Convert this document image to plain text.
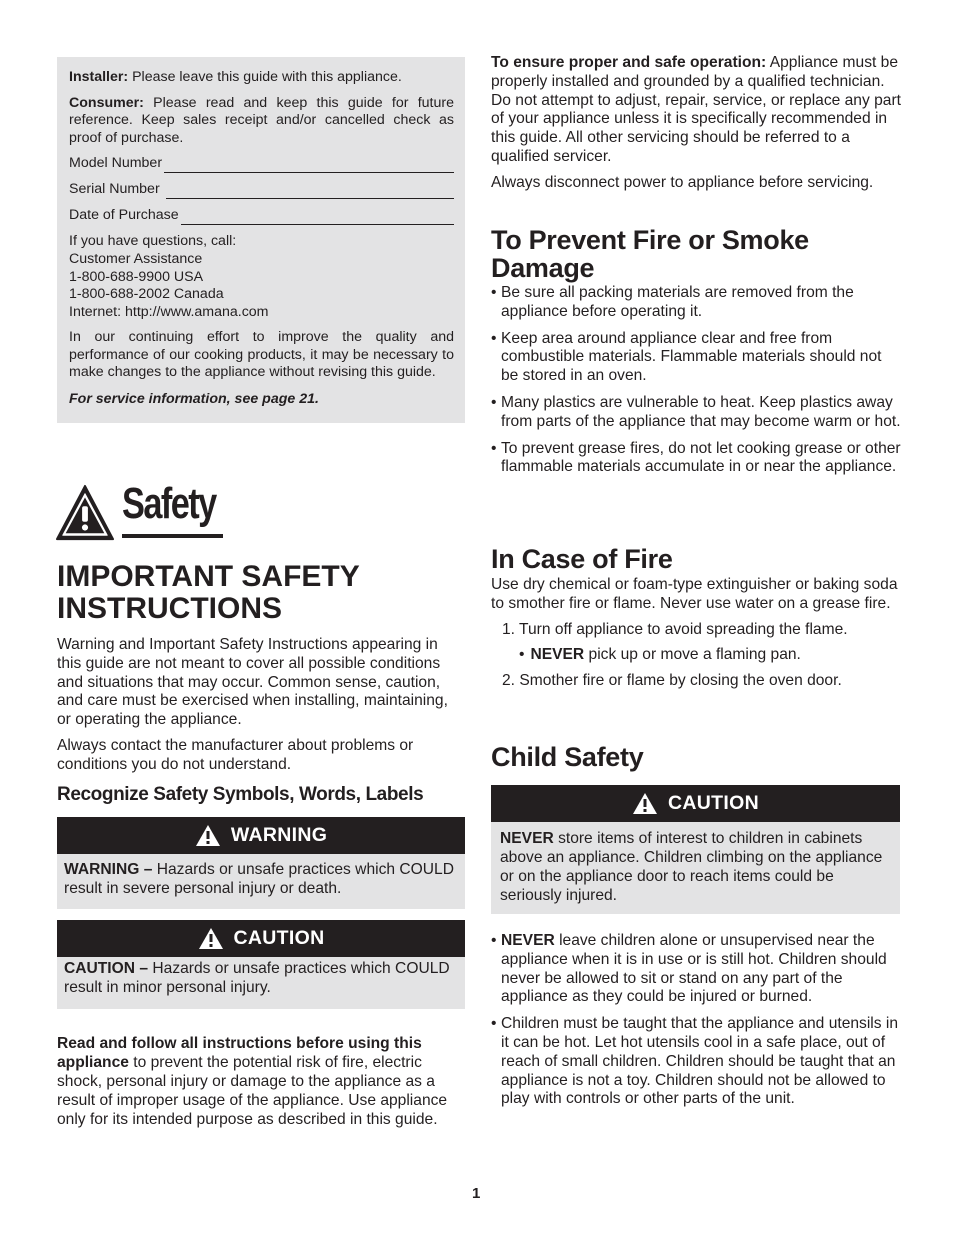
Installer: Please leave this guide with this appliance.

Consumer: Please read and keep this guide for future reference. Keep sales receipt and/or cancelled check as proof of purchase.

Model Number
Serial Number
Date of Purchase

If you have questions, call:
Customer Assistance
1-800-688-9900 USA
1-800-688-2002 Canada
Internet: http://www.amana.com

In our continuing effort to improve the quality and performance of our cooking products, it may be necessary to make changes to the appliance without revising this guide.

For service information, see page 21.

Safety
IMPORTANT SAFETY INSTRUCTIONS

Warning and Important Safety Instructions appearing in this guide are not meant to cover all possible conditions and situations that may occur. Common sense, caution, and care must be exercised when installing, maintaining, or operating the appliance.

Always contact the manufacturer about problems or conditions you do not understand.

Recognize Safety Symbols, Words, Labels
WARNING
WARNING – Hazards or unsafe practices which COULD result in severe personal injury or death.
CAUTION
CAUTION – Hazards or unsafe practices which COULD result in minor personal injury.
Read and follow all instructions before using this appliance to prevent the potential risk of fire, electric shock, personal injury or damage to the appliance as a result of improper usage of the appliance. Use appliance only for its intended purpose as described in this guide.

To ensure proper and safe operation: Appliance must be properly installed and grounded by a qualified technician. Do not attempt to adjust, repair, service, or replace any part of your appliance unless it is specifically recommended in this guide. All other servicing should be referred to a qualified servicer.

Always disconnect power to appliance before servicing.

To Prevent Fire or Smoke Damage
• Be sure all packing materials are removed from the appliance before operating it.
• Keep area around appliance clear and free from combustible materials. Flammable materials should not be stored in an oven.
• Many plastics are vulnerable to heat. Keep plastics away from parts of the appliance that may become warm or hot.
• To prevent grease fires, do not let cooking grease or other flammable materials accumulate in or near the appliance.
In Case of Fire

Use dry chemical or foam-type extinguisher or baking soda to smother fire or flame. Never use water on a grease fire.

1. Turn off appliance to avoid spreading the flame.
• NEVER pick up or move a flaming pan.
2. Smother fire or flame by closing the oven door.
Child Safety
CAUTION
NEVER store items of interest to children in cabinets above an appliance. Children climbing on the appliance or on the appliance door to reach items could be seriously injured.
• NEVER leave children alone or unsupervised near the appliance when it is in use or is still hot. Children should never be allowed to sit or stand on any part of the appliance as they could be injured or burned.
• Children must be taught that the appliance and utensils in it can be hot. Let hot utensils cool in a safe place, out of reach of small children. Children should be taught that an appliance is not a toy. Children should not be allowed to play with controls or other parts of the unit.
1
